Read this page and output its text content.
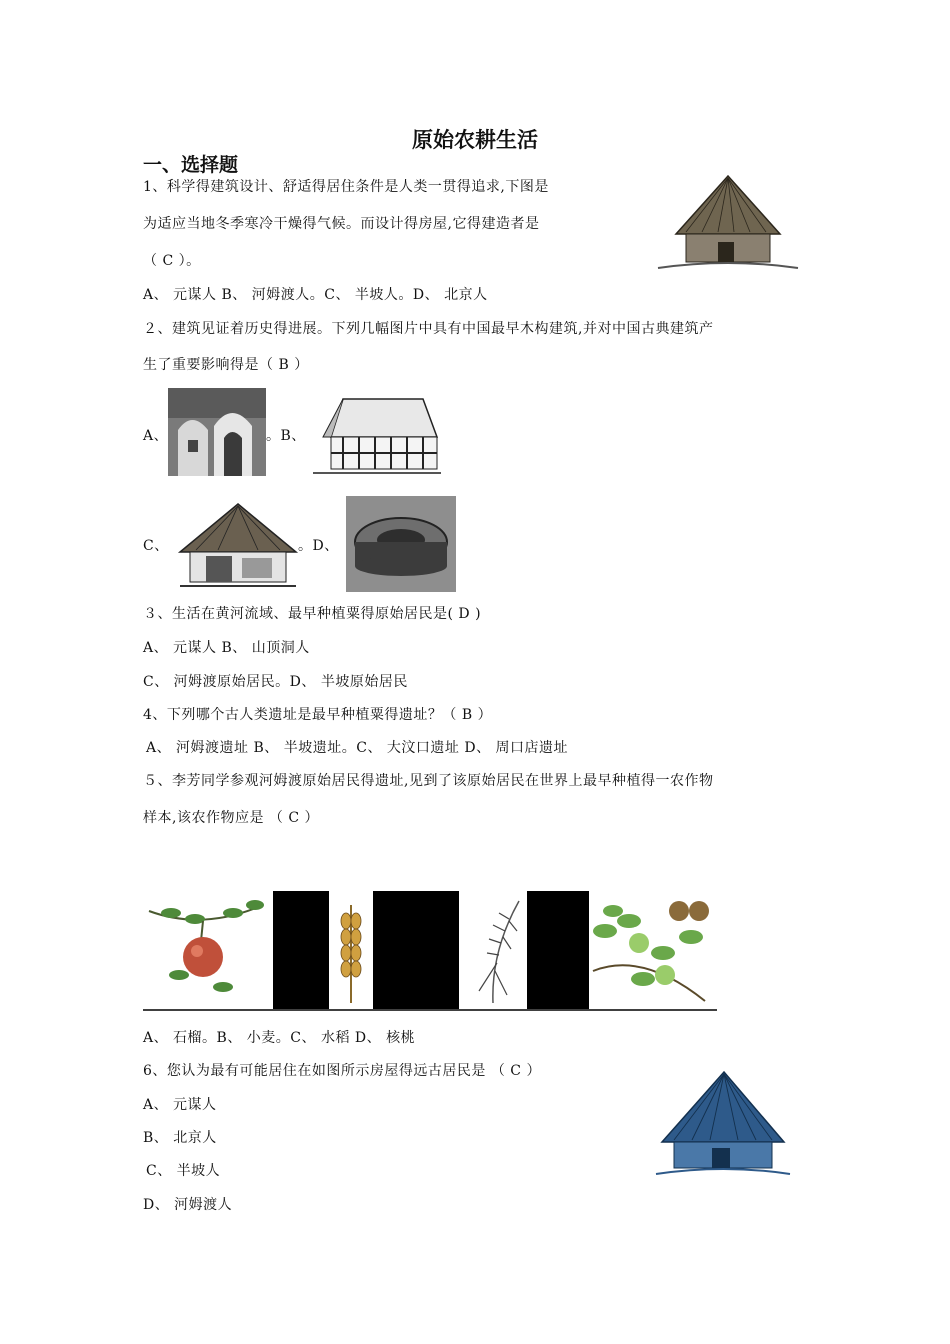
原始农耕生活
一、选择题
1、科学得建筑设计、舒适得居住条件是人类一贯得追求,下图是
为适应当地冬季寒冷干燥得气候。而设计得房屋,它得建造者是
（ C ）。
A、 元谋人 B、 河姆渡人。C、 半坡人。D、 北京人
２、建筑见证着历史得进展。下列几幅图片中具有中国最早木构建筑,并对中国古典建筑产
生了重要影响得是（ B ）
A、	。B、
C、	。D、
３、生活在黄河流域、最早种植粟得原始居民是( D )
A、 元谋人 B、 山顶洞人
C、 河姆渡原始居民。D、 半坡原始居民
4、下列哪个古人类遗址是最早种植粟得遗址？（ B ）
A、 河姆渡遗址 B、 半坡遗址。C、 大汶口遗址 D、 周口店遗址
５、李芳同学参观河姆渡原始居民得遗址,见到了该原始居民在世界上最早种植得一农作物
样本,该农作物应是 （ C ）
A、 石榴。B、 小麦。C、 水稻 D、 核桃
6、您认为最有可能居住在如图所示房屋得远古居民是 （ C ）
A、 元谋人
B、 北京人
C、 半坡人
D、 河姆渡人
